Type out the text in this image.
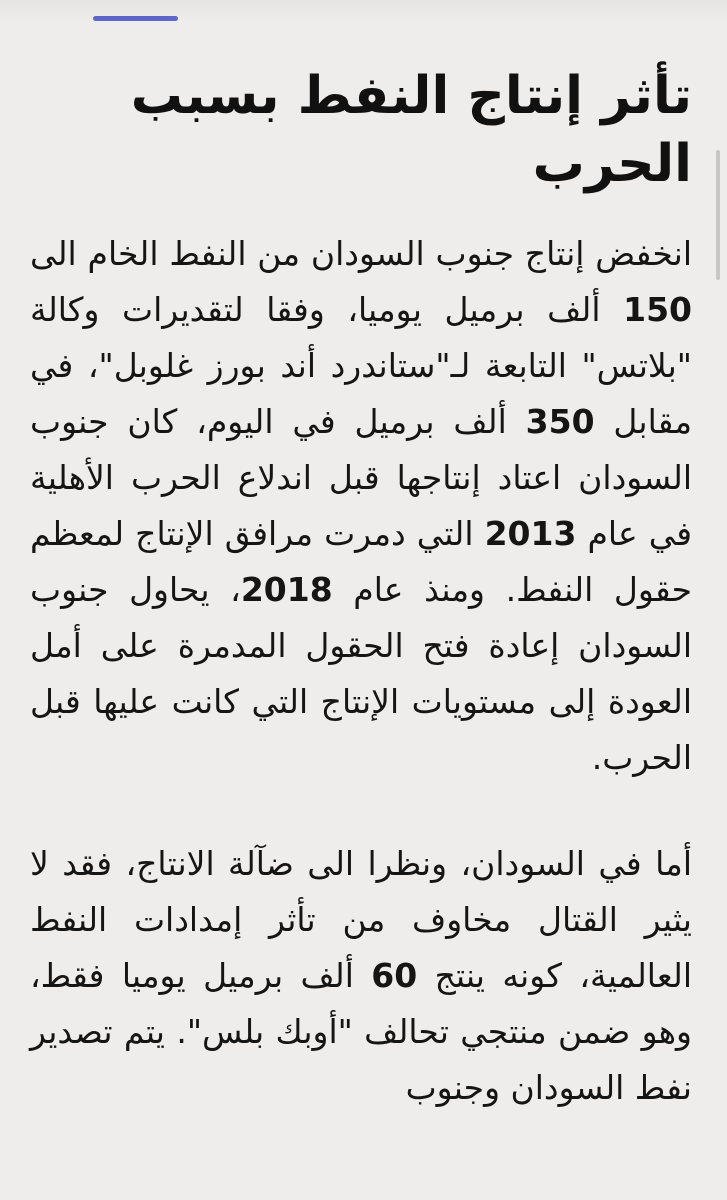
تأثر إنتاج النفط بسبب الحرب

انخفض إنتاج جنوب السودان من النفط الخام الى 150 ألف برميل يوميا، وفقا لتقديرات وكالة "بلاتس" التابعة لـ"ستاندرد أند بورز غلوبل"، في مقابل 350 ألف برميل في اليوم، كان جنوب السودان اعتاد إنتاجها قبل اندلاع الحرب الأهلية في عام 2013 التي دمرت مرافق الإنتاج لمعظم حقول النفط. ومنذ عام 2018، يحاول جنوب السودان إعادة فتح الحقول المدمرة على أمل العودة إلى مستويات الإنتاج التي كانت عليها قبل الحرب.

أما في السودان، ونظرا الى ضآلة الانتاج، فقد لا يثير القتال مخاوف من تأثر إمدادات النفط العالمية، كونه ينتج 60 ألف برميل يوميا فقط، وهو ضمن منتجي تحالف "أوبك بلس". يتم تصدير نفط السودان وجنوب
